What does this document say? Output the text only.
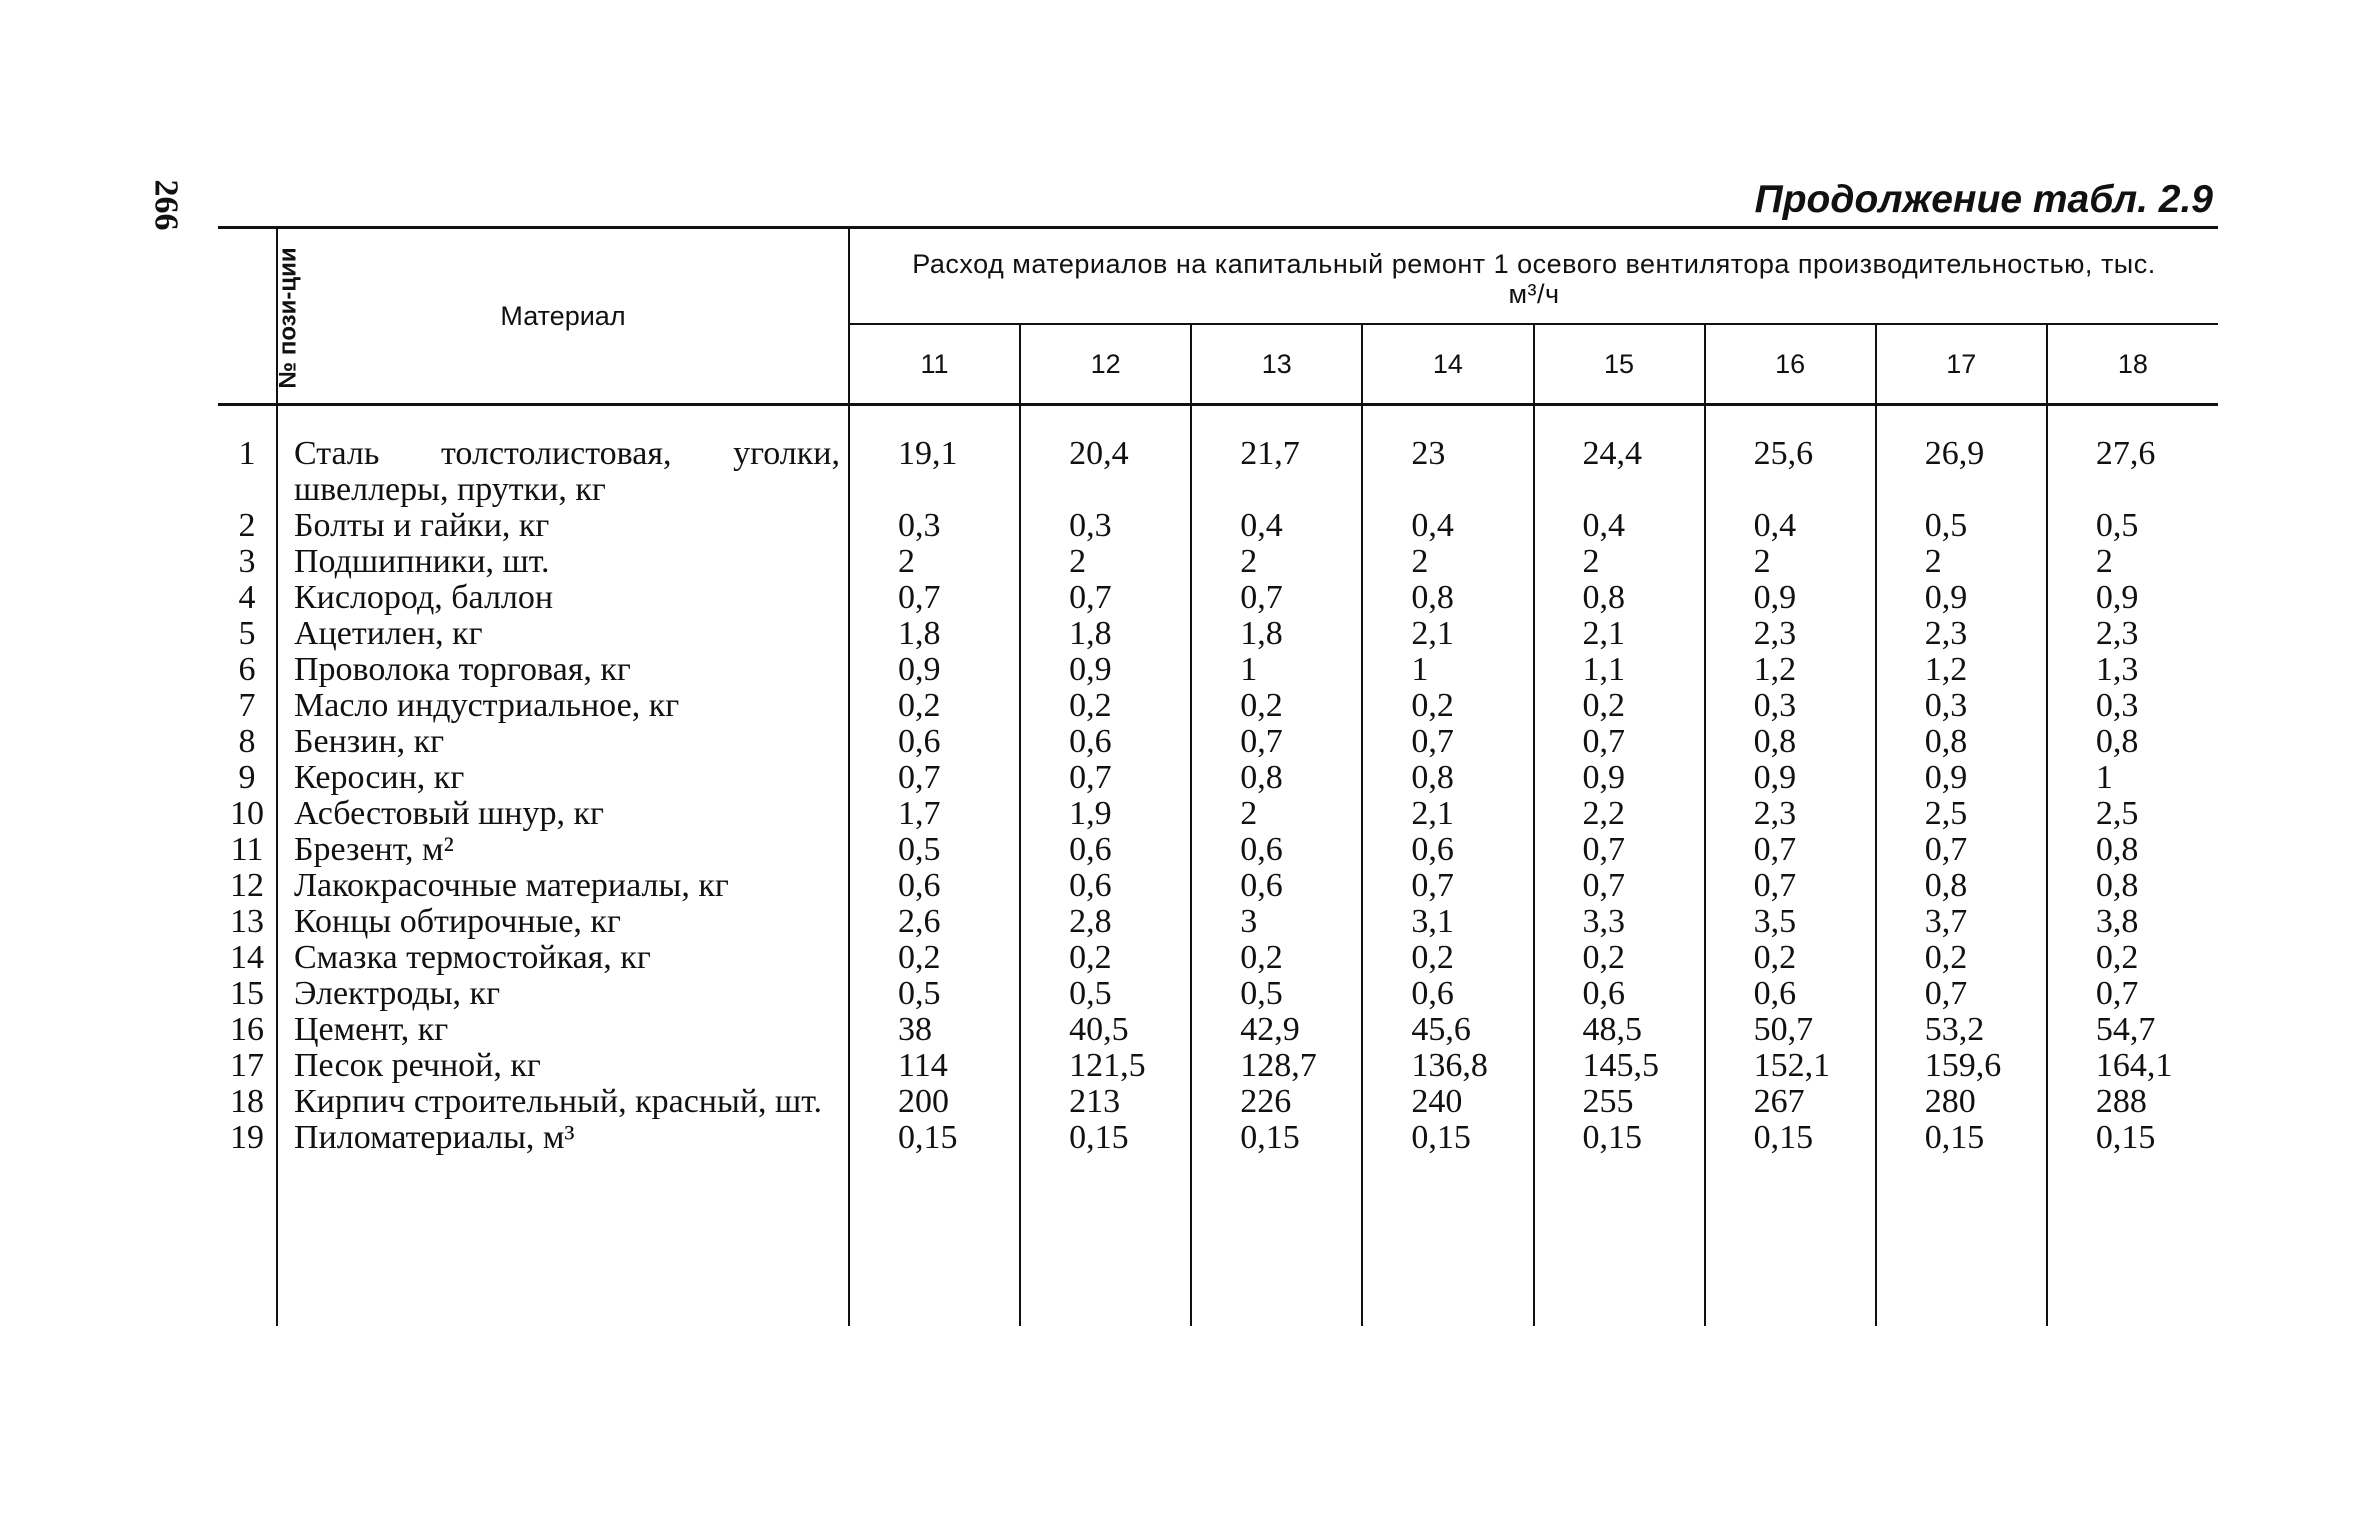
266	Продолжение табл. 2.9
№ пози-ции	Материал	Расход материалов на капитальный ремонт 1 осевого вентилятора производительностью, тыс. м³/ч							
		11	12	13	14	15	16	17	18
1	Сталь толстолистовая, уголки, швеллеры, прутки, кг	19,1	20,4	21,7	23	24,4	25,6	26,9	27,6
2	Болты и гайки, кг	0,3	0,3	0,4	0,4	0,4	0,4	0,5	0,5
3	Подшипники, шт.	2	2	2	2	2	2	2	2
4	Кислород, баллон	0,7	0,7	0,7	0,8	0,8	0,9	0,9	0,9
5	Ацетилен, кг	1,8	1,8	1,8	2,1	2,1	2,3	2,3	2,3
6	Проволока торговая, кг	0,9	0,9	1	1	1,1	1,2	1,2	1,3
7	Масло индустриальное, кг	0,2	0,2	0,2	0,2	0,2	0,3	0,3	0,3
8	Бензин, кг	0,6	0,6	0,7	0,7	0,7	0,8	0,8	0,8
9	Керосин, кг	0,7	0,7	0,8	0,8	0,9	0,9	0,9	1
10	Асбестовый шнур, кг	1,7	1,9	2	2,1	2,2	2,3	2,5	2,5
11	Брезент, м²	0,5	0,6	0,6	0,6	0,7	0,7	0,7	0,8
12	Лакокрасочные материалы, кг	0,6	0,6	0,6	0,7	0,7	0,7	0,8	0,8
13	Концы обтирочные, кг	2,6	2,8	3	3,1	3,3	3,5	3,7	3,8
14	Смазка термостойкая, кг	0,2	0,2	0,2	0,2	0,2	0,2	0,2	0,2
15	Электроды, кг	0,5	0,5	0,5	0,6	0,6	0,6	0,7	0,7
16	Цемент, кг	38	40,5	42,9	45,6	48,5	50,7	53,2	54,7
17	Песок речной, кг	114	121,5	128,7	136,8	145,5	152,1	159,6	164,1
18	Кирпич строительный, красный, шт.	200	213	226	240	255	267	280	288
19	Пиломатериалы, м³	0,15	0,15	0,15	0,15	0,15	0,15	0,15	0,15
